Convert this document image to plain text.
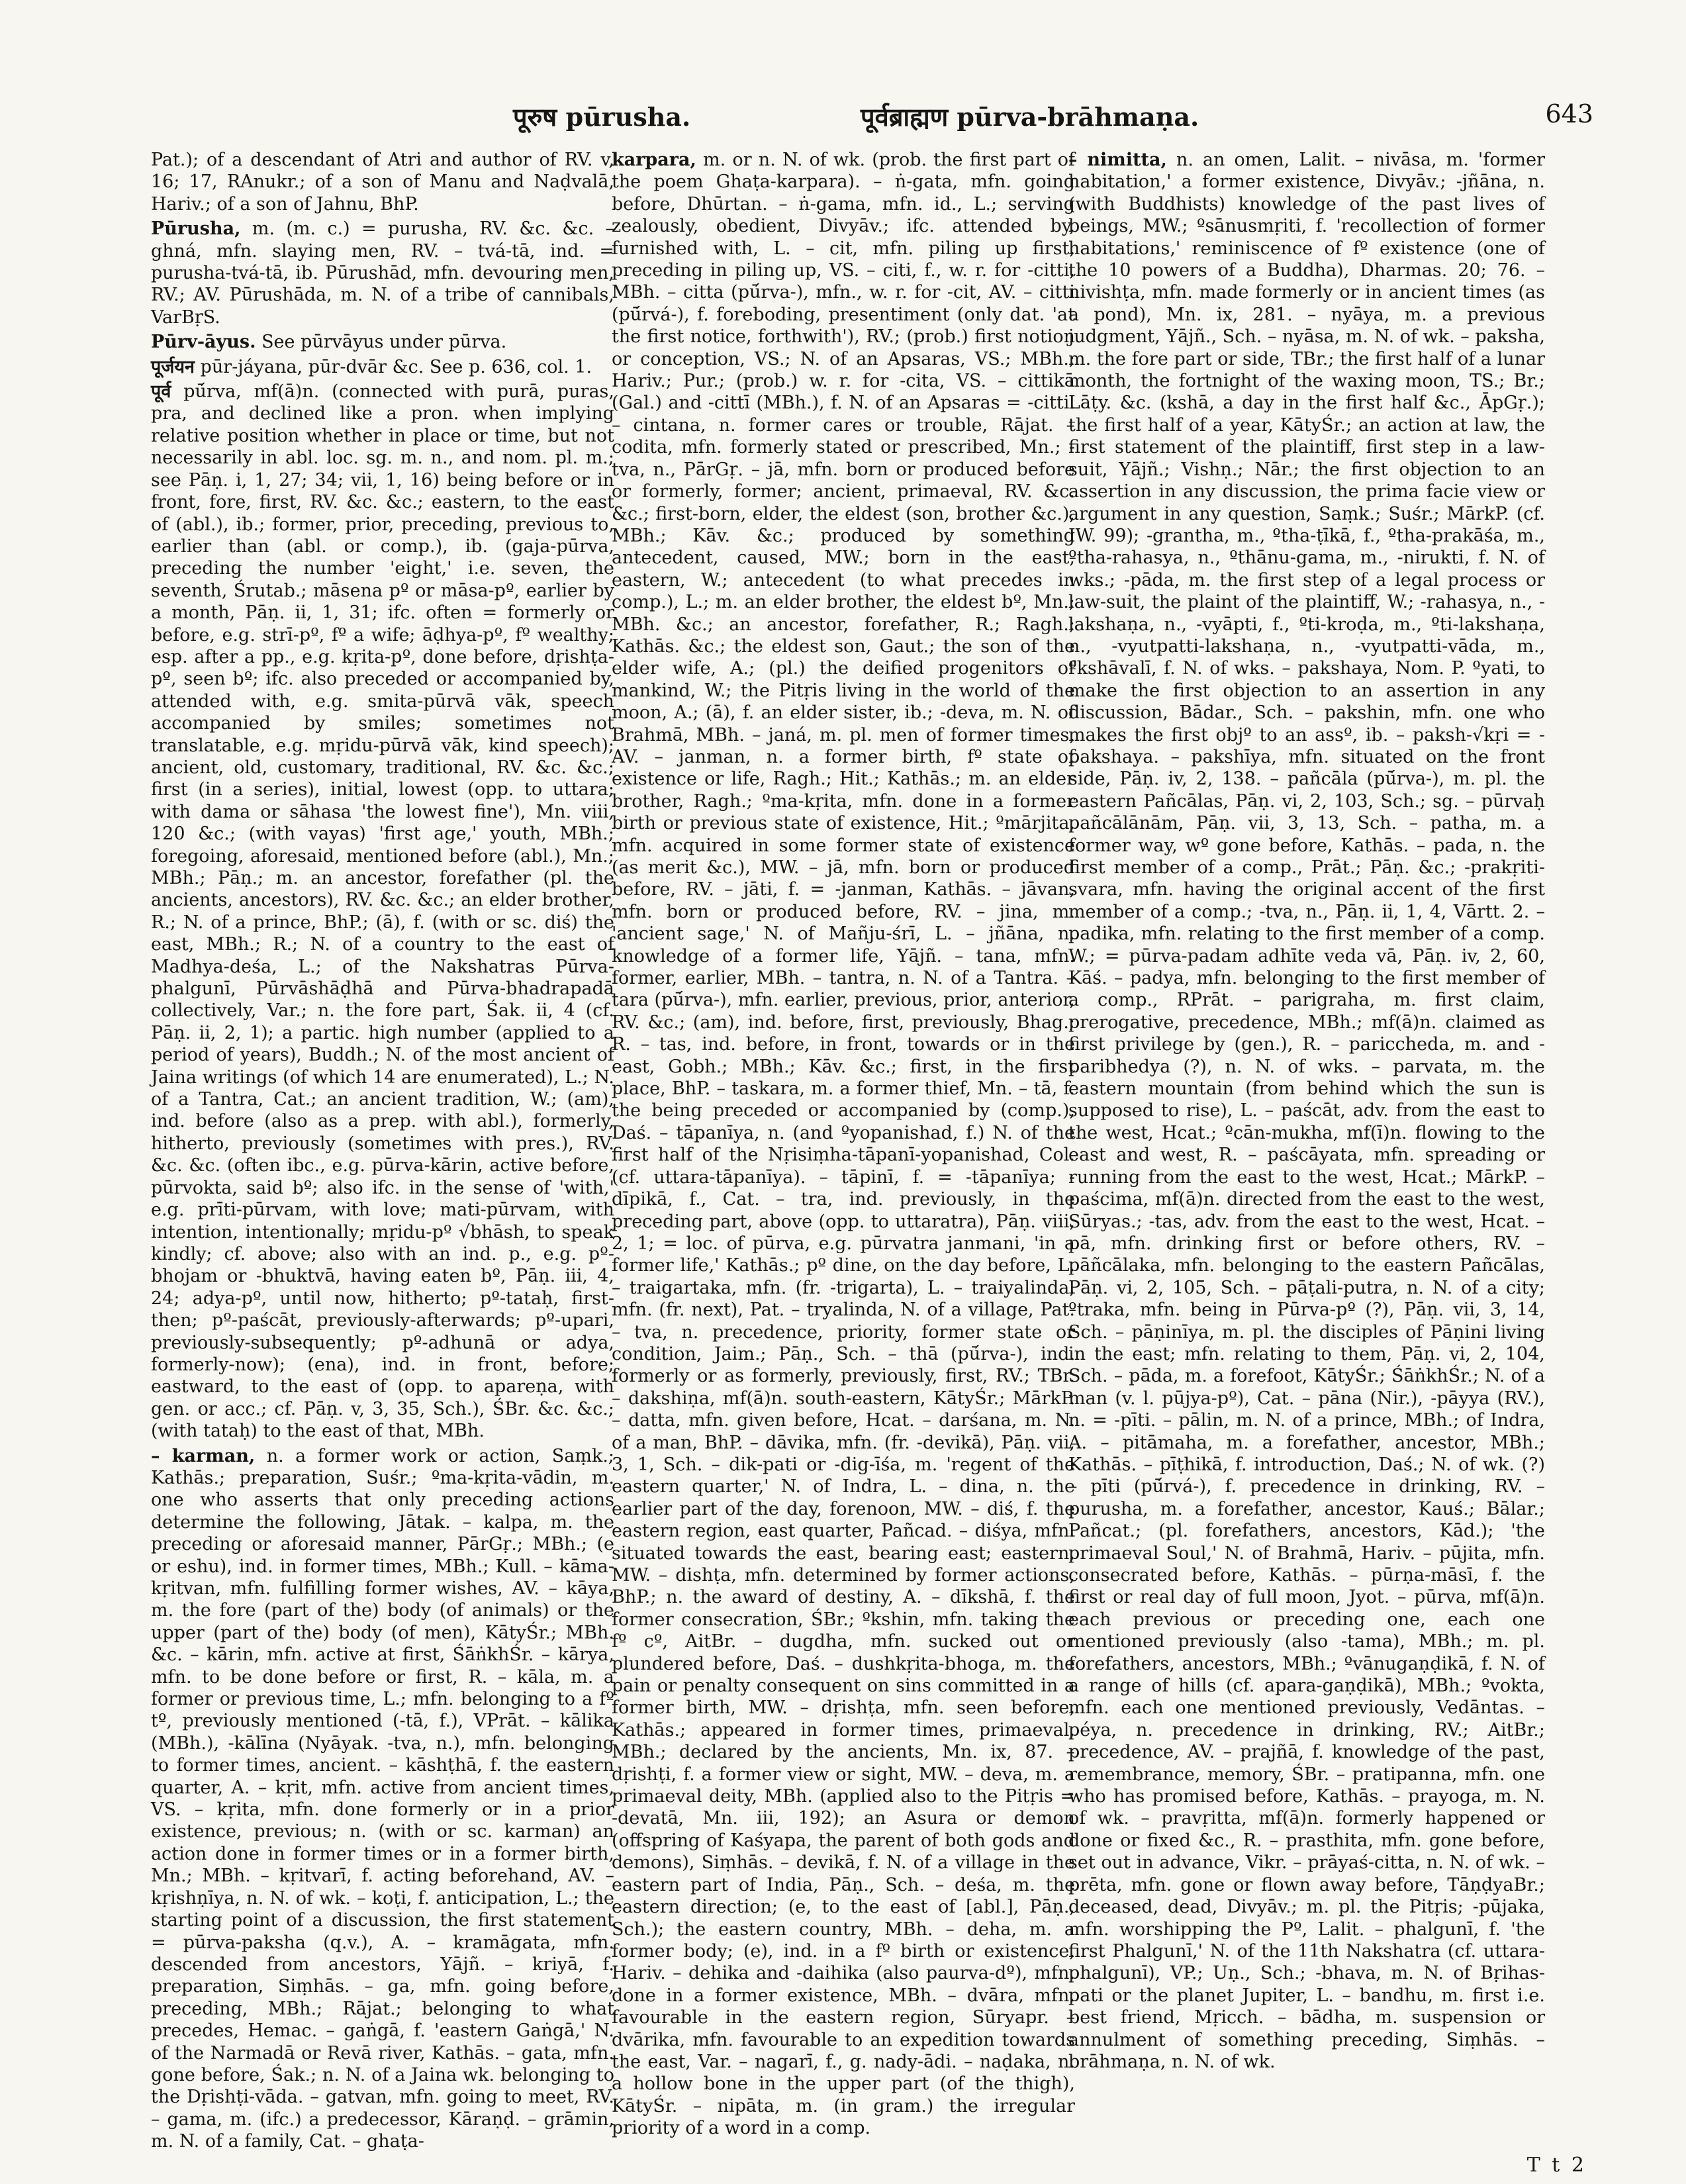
पूरुष pūrusha.	पूर्वब्राह्मण pūrva-brāhmaṇa.	643

Pat.); of a descendant of Atri and author of RV. v, 16; 17, RAnukr.; of a son of Manu and Naḍvalā, Hariv.; of a son of Jahnu, BhP.

Pūrusha, m. (m. c.) = purusha, RV. &c. &c. – ghná, mfn. slaying men, RV. – tvá-tā, ind. = purusha-tvá-tā, ib. Pūrushād, mfn. devouring men, RV.; AV. Pūrushāda, m. N. of a tribe of cannibals, VarBṛS.

Pūrv-āyus. See pūrvāyus under pūrva.

पूर्जयन pūr-jáyana, pūr-dvār &c. See p. 636, col. 1.

पूर्व pū́rva, mf(ā)n. (connected with purā, puras, pra, and declined like a pron. when implying relative position whether in place or time, but not necessarily in abl. loc. sg. m. n., and nom. pl. m.; see Pāṇ. i, 1, 27; 34; vii, 1, 16) being before or in front, fore, first, RV. &c. &c.; eastern, to the east of (abl.), ib.; former, prior, preceding, previous to, earlier than (abl. or comp.), ib. (gaja-pūrva, preceding the number 'eight,' i.e. seven, the seventh, Śrutab.; māsena pº or māsa-pº, earlier by a month, Pāṇ. ii, 1, 31; ifc. often = formerly or before, e.g. strī-pº, fº a wife; āḍhya-pº, fº wealthy; esp. after a pp., e.g. kṛita-pº, done before, dṛishṭa-pº, seen bº; ifc. also preceded or accompanied by, attended with, e.g. smita-pūrvā vāk, speech accompanied by smiles; sometimes not translatable, e.g. mṛidu-pūrvā vāk, kind speech); ancient, old, customary, traditional, RV. &c. &c.; first (in a series), initial, lowest (opp. to uttara; with dama or sāhasa 'the lowest fine'), Mn. viii, 120 &c.; (with vayas) 'first age,' youth, MBh.; foregoing, aforesaid, mentioned before (abl.), Mn.; MBh.; Pāṇ.; m. an ancestor, forefather (pl. the ancients, ancestors), RV. &c. &c.; an elder brother, R.; N. of a prince, BhP.; (ā), f. (with or sc. diś) the east, MBh.; R.; N. of a country to the east of Madhya-deśa, L.; of the Nakshatras Pūrva-phalgunī, Pūrvāshāḍhā and Pūrva-bhadrapadā collectively, Var.; n. the fore part, Śak. ii, 4 (cf. Pāṇ. ii, 2, 1); a partic. high number (applied to a period of years), Buddh.; N. of the most ancient of Jaina writings (of which 14 are enumerated), L.; N. of a Tantra, Cat.; an ancient tradition, W.; (am), ind. before (also as a prep. with abl.), formerly, hitherto, previously (sometimes with pres.), RV. &c. &c. (often ibc., e.g. pūrva-kārin, active before, pūrvokta, said bº; also ifc. in the sense of 'with,' e.g. prīti-pūrvam, with love; mati-pūrvam, with intention, intentionally; mṛidu-pº √bhāsh, to speak kindly; cf. above; also with an ind. p., e.g. pº-bhojam or -bhuktvā, having eaten bº, Pāṇ. iii, 4, 24; adya-pº, until now, hitherto; pº-tataḥ, first-then; pº-paścāt, previously-afterwards; pº-upari, previously-subsequently; pº-adhunā or adya, formerly-now); (ena), ind. in front, before; eastward, to the east of (opp. to apareṇa, with gen. or acc.; cf. Pāṇ. v, 3, 35, Sch.), ŚBr. &c. &c.; (with tataḥ) to the east of that, MBh.

– karman, n. a former work or action, Saṃk.; Kathās.; preparation, Suśr.; ºma-kṛita-vādin, m. one who asserts that only preceding actions determine the following, Jātak. – kalpa, m. the preceding or aforesaid manner, PārGṛ.; MBh.; (e or eshu), ind. in former times, MBh.; Kull. – kāma-kṛitvan, mfn. fulfilling former wishes, AV. – kāya, m. the fore (part of the) body (of animals) or the upper (part of the) body (of men), KātyŚr.; MBh. &c. – kārin, mfn. active at first, ŚāṅkhŚr. – kārya, mfn. to be done before or first, R. – kāla, m. a former or previous time, L.; mfn. belonging to a fº tº, previously mentioned (-tā, f.), VPrāt. – kālika (MBh.), -kālīna (Nyāyak. -tva, n.), mfn. belonging to former times, ancient. – kāshṭhā, f. the eastern quarter, A. – kṛit, mfn. active from ancient times, VS. – kṛita, mfn. done formerly or in a prior existence, previous; n. (with or sc. karman) an action done in former times or in a former birth, Mn.; MBh. – kṛitvarī, f. acting beforehand, AV. – kṛishṇīya, n. N. of wk. – koṭi, f. anticipation, L.; the starting point of a discussion, the first statement = pūrva-paksha (q.v.), A. – kramāgata, mfn. descended from ancestors, Yājñ. – kriyā, f. preparation, Siṃhās. – ga, mfn. going before, preceding, MBh.; Rājat.; belonging to what precedes, Hemac. – gaṅgā, f. 'eastern Gaṅgā,' N. of the Narmadā or Revā river, Kathās. – gata, mfn. gone before, Śak.; n. N. of a Jaina wk. belonging to the Dṛishṭi-vāda. – gatvan, mfn. going to meet, RV. – gama, m. (ifc.) a predecessor, Kāraṇḍ. – grāmin, m. N. of a family, Cat. – ghaṭa-

karpara, m. or n. N. of wk. (prob. the first part of the poem Ghaṭa-karpara). – ṅ-gata, mfn. going before, Dhūrtan. – ṅ-gama, mfn. id., L.; serving zealously, obedient, Divyāv.; ifc. attended by, furnished with, L. – cit, mfn. piling up first, preceding in piling up, VS. – citi, f., w. r. for -citti, MBh. – citta (pū́rva-), mfn., w. r. for -cit, AV. – citti (pū́rvá-), f. foreboding, presentiment (only dat. 'at the first notice, forthwith'), RV.; (prob.) first notion or conception, VS.; N. of an Apsaras, VS.; MBh.; Hariv.; Pur.; (prob.) w. r. for -cita, VS. – cittikā (Gal.) and -cittī (MBh.), f. N. of an Apsaras = -citti. – cintana, n. former cares or trouble, Rājat. – codita, mfn. formerly stated or prescribed, Mn.; -tva, n., PārGṛ. – jā, mfn. born or produced before or formerly, former; ancient, primaeval, RV. &c. &c.; first-born, elder, the eldest (son, brother &c.), MBh.; Kāv. &c.; produced by something antecedent, caused, MW.; born in the east, eastern, W.; antecedent (to what precedes in comp.), L.; m. an elder brother, the eldest bº, Mn.; MBh. &c.; an ancestor, forefather, R.; Ragh.; Kathās. &c.; the eldest son, Gaut.; the son of the elder wife, A.; (pl.) the deified progenitors of mankind, W.; the Pitṛis living in the world of the moon, A.; (ā), f. an elder sister, ib.; -deva, m. N. of Brahmā, MBh. – janá, m. pl. men of former times, AV. – janman, n. a former birth, fº state of existence or life, Ragh.; Hit.; Kathās.; m. an elder brother, Ragh.; ºma-kṛita, mfn. done in a former birth or previous state of existence, Hit.; ºmārjita, mfn. acquired in some former state of existence (as merit &c.), MW. – jā, mfn. born or produced before, RV. – jāti, f. = -janman, Kathās. – jāvan, mfn. born or produced before, RV. – jina, m. 'ancient sage,' N. of Mañju-śrī, L. – jñāna, n. knowledge of a former life, Yājñ. – tana, mfn. former, earlier, MBh. – tantra, n. N. of a Tantra. – tara (pū́rva-), mfn. earlier, previous, prior, anterior, RV. &c.; (am), ind. before, first, previously, Bhag.; R. – tas, ind. before, in front, towards or in the east, Gobh.; MBh.; Kāv. &c.; first, in the first place, BhP. – taskara, m. a former thief, Mn. – tā, f. the being preceded or accompanied by (comp.), Daś. – tāpanīya, n. (and ºyopanishad, f.) N. of the first half of the Nṛisiṃha-tāpanī-yopanishad, Col. (cf. uttara-tāpanīya). – tāpinī, f. = -tāpanīya; -dīpikā, f., Cat. – tra, ind. previously, in the preceding part, above (opp. to uttaratra), Pāṇ. viii, 2, 1; = loc. of pūrva, e.g. pūrvatra janmani, 'in a former life,' Kathās.; pº dine, on the day before, L. – traigartaka, mfn. (fr. -trigarta), L. – traiyalinda, mfn. (fr. next), Pat. – tryalinda, N. of a village, Pat. – tva, n. precedence, priority, former state or condition, Jaim.; Pāṇ., Sch. – thā (pū́rva-), ind. formerly or as formerly, previously, first, RV.; TBr. – dakshiṇa, mf(ā)n. south-eastern, KātyŚr.; MārkP. – datta, mfn. given before, Hcat. – darśana, m. N. of a man, BhP. – dāvika, mfn. (fr. -devikā), Pāṇ. vii, 3, 1, Sch. – dik-pati or -dig-īśa, m. 'regent of the eastern quarter,' N. of Indra, L. – dina, n. the earlier part of the day, forenoon, MW. – diś, f. the eastern region, east quarter, Pañcad. – diśya, mfn. situated towards the east, bearing east; eastern, MW. – dishṭa, mfn. determined by former actions, BhP.; n. the award of destiny, A. – dīkshā, f. the former consecration, ŚBr.; ºkshin, mfn. taking the fº cº, AitBr. – dugdha, mfn. sucked out or plundered before, Daś. – dushkṛita-bhoga, m. the pain or penalty consequent on sins committed in a former birth, MW. – dṛishṭa, mfn. seen before, Kathās.; appeared in former times, primaeval, MBh.; declared by the ancients, Mn. ix, 87. – dṛishṭi, f. a former view or sight, MW. – deva, m. a primaeval deity, MBh. (applied also to the Pitṛis = -devatā, Mn. iii, 192); an Asura or demon (offspring of Kaśyapa, the parent of both gods and demons), Siṃhās. – devikā, f. N. of a village in the eastern part of India, Pāṇ., Sch. – deśa, m. the eastern direction; (e, to the east of [abl.], Pāṇ., Sch.); the eastern country, MBh. – deha, m. a former body; (e), ind. in a fº birth or existence, Hariv. – dehika and -daihika (also paurva-dº), mfn. done in a former existence, MBh. – dvāra, mfn. favourable in the eastern region, Sūryapr. – dvārika, mfn. favourable to an expedition towards the east, Var. – nagarī, f., g. nady-ādi. – naḍaka, n. a hollow bone in the upper part (of the thigh), KātyŚr. – nipāta, m. (in gram.) the irregular priority of a word in a comp.

– nimitta, n. an omen, Lalit. – nivāsa, m. 'former habitation,' a former existence, Divyāv.; -jñāna, n. (with Buddhists) knowledge of the past lives of beings, MW.; ºsānusmṛiti, f. 'recollection of former habitations,' reminiscence of fº existence (one of the 10 powers of a Buddha), Dharmas. 20; 76. – nivishṭa, mfn. made formerly or in ancient times (as a pond), Mn. ix, 281. – nyāya, m. a previous judgment, Yājñ., Sch. – nyāsa, m. N. of wk. – paksha, m. the fore part or side, TBr.; the first half of a lunar month, the fortnight of the waxing moon, TS.; Br.; Lāṭy. &c. (kshā, a day in the first half &c., ĀpGṛ.); the first half of a year, KātyŚr.; an action at law, the first statement of the plaintiff, first step in a law-suit, Yājñ.; Vishṇ.; Nār.; the first objection to an assertion in any discussion, the prima facie view or argument in any question, Saṃk.; Suśr.; MārkP. (cf. IW. 99); -grantha, m., ºtha-ṭīkā, f., ºtha-prakāśa, m., ºtha-rahasya, n., ºthānu-gama, m., -nirukti, f. N. of wks.; -pāda, m. the first step of a legal process or law-suit, the plaint of the plaintiff, W.; -rahasya, n., -lakshaṇa, n., -vyāpti, f., ºti-kroḍa, m., ºti-lakshaṇa, n., -vyutpatti-lakshaṇa, n., -vyutpatti-vāda, m., ºkshāvalī, f. N. of wks. – pakshaya, Nom. P. ºyati, to make the first objection to an assertion in any discussion, Bādar., Sch. – pakshin, mfn. one who makes the first objº to an assº, ib. – paksh-√kṛi = -pakshaya. – pakshīya, mfn. situated on the front side, Pāṇ. iv, 2, 138. – pañcāla (pū́rva-), m. pl. the eastern Pañcālas, Pāṇ. vi, 2, 103, Sch.; sg. – pūrvaḥ pañcālānām, Pāṇ. vii, 3, 13, Sch. – patha, m. a former way, wº gone before, Kathās. – pada, n. the first member of a comp., Prāt.; Pāṇ. &c.; -prakṛiti-svara, mfn. having the original accent of the first member of a comp.; -tva, n., Pāṇ. ii, 1, 4, Vārtt. 2. – padika, mfn. relating to the first member of a comp. W.; = pūrva-padam adhīte veda vā, Pāṇ. iv, 2, 60, Kāś. – padya, mfn. belonging to the first member of a comp., RPrāt. – parigraha, m. first claim, prerogative, precedence, MBh.; mf(ā)n. claimed as first privilege by (gen.), R. – pariccheda, m. and -paribhedya (?), n. N. of wks. – parvata, m. the eastern mountain (from behind which the sun is supposed to rise), L. – paścāt, adv. from the east to the west, Hcat.; ºcān-mukha, mf(ī)n. flowing to the east and west, R. – paścāyata, mfn. spreading or running from the east to the west, Hcat.; MārkP. – paścima, mf(ā)n. directed from the east to the west, Sūryas.; -tas, adv. from the east to the west, Hcat. – pā, mfn. drinking first or before others, RV. – pāñcālaka, mfn. belonging to the eastern Pañcālas, Pāṇ. vi, 2, 105, Sch. – pāṭali-putra, n. N. of a city; ºtraka, mfn. being in Pūrva-pº (?), Pāṇ. vii, 3, 14, Sch. – pāṇinīya, m. pl. the disciples of Pāṇini living in the east; mfn. relating to them, Pāṇ. vi, 2, 104, Sch. – pāda, m. a forefoot, KātyŚr.; ŚāṅkhŚr.; N. of a man (v. l. pūjya-pº), Cat. – pāna (Nir.), -pāyya (RV.), n. = -pīti. – pālin, m. N. of a prince, MBh.; of Indra, A. – pitāmaha, m. a forefather, ancestor, MBh.; Kathās. – pīṭhikā, f. introduction, Daś.; N. of wk. (?) – pīti (pū́rvá-), f. precedence in drinking, RV. – purusha, m. a forefather, ancestor, Kauś.; Bālar.; Pañcat.; (pl. forefathers, ancestors, Kād.); 'the primaeval Soul,' N. of Brahmā, Hariv. – pūjita, mfn. consecrated before, Kathās. – pūrṇa-māsī, f. the first or real day of full moon, Jyot. – pūrva, mf(ā)n. each previous or preceding one, each one mentioned previously (also -tama), MBh.; m. pl. forefathers, ancestors, MBh.; ºvānugaṇḍikā, f. N. of a range of hills (cf. apara-gaṇḍikā), MBh.; ºvokta, mfn. each one mentioned previously, Vedāntas. – péya, n. precedence in drinking, RV.; AitBr.; precedence, AV. – prajñā, f. knowledge of the past, remembrance, memory, ŚBr. – pratipanna, mfn. one who has promised before, Kathās. – prayoga, m. N. of wk. – pravṛitta, mf(ā)n. formerly happened or done or fixed &c., R. – prasthita, mfn. gone before, set out in advance, Vikr. – prāyaś-citta, n. N. of wk. – prēta, mfn. gone or flown away before, TāṇḍyaBr.; deceased, dead, Divyāv.; m. pl. the Pitṛis; -pūjaka, mfn. worshipping the Pº, Lalit. – phalgunī, f. 'the first Phalgunī,' N. of the 11th Nakshatra (cf. uttara-phalgunī), VP.; Uṇ., Sch.; -bhava, m. N. of Bṛihas-pati or the planet Jupiter, L. – bandhu, m. first i.e. best friend, Mṛicch. – bādha, m. suspension or annulment of something preceding, Siṃhās. – brāhmaṇa, n. N. of wk.

T t 2
